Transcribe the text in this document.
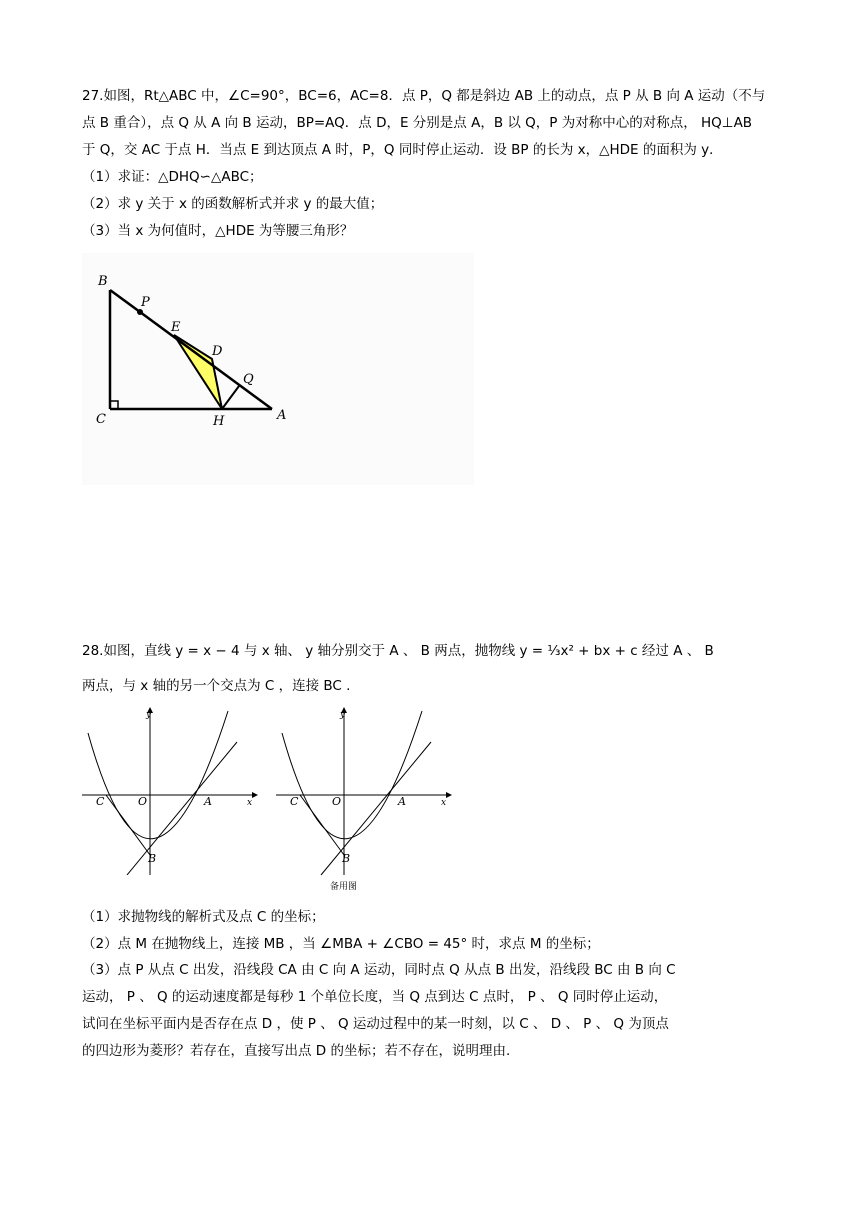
27.如图，Rt△ABC 中，∠C=90°，BC=6，AC=8．点 P，Q 都是斜边 AB 上的动点，点 P 从 B 向 A 运动（不与
点 B 重合），点 Q 从 A 向 B 运动，BP=AQ．点 D，E 分别是点 A，B 以 Q，P 为对称中心的对称点， HQ⊥AB
于 Q，交 AC 于点 H．当点 E 到达顶点 A 时，P，Q 同时停止运动．设 BP 的长为 x，△HDE 的面积为 y．
（1）求证：△DHQ∽△ABC；
（2）求 y 关于 x 的函数解析式并求 y 的最大值；
（3）当 x 为何值时，△HDE 为等腰三角形？
B
P
E
D
Q
C	H	A
28.如图，直线 y = x − 4 与 x 轴、 y 轴分别交于 A 、 B 两点，抛物线 y = ⅓x² + bx + c 经过 A 、 B
两点，与 x 轴的另一个交点为 C ，连接 BC .
y
x
C	O	A
B
y
x
C	O	A
B
备用图
（1）求抛物线的解析式及点 C 的坐标；
（2）点 M 在抛物线上，连接 MB ，当 ∠MBA + ∠CBO = 45° 时，求点 M 的坐标；
（3）点 P 从点 C 出发，沿线段 CA 由 C 向 A 运动，同时点 Q 从点 B 出发，沿线段 BC 由 B 向 C
运动， P 、 Q 的运动速度都是每秒 1 个单位长度，当 Q 点到达 C 点时， P 、 Q 同时停止运动，
试问在坐标平面内是否存在点 D ，使 P 、 Q 运动过程中的某一时刻，以 C 、 D 、 P 、 Q 为顶点
的四边形为菱形？若存在，直接写出点 D 的坐标；若不存在，说明理由.
